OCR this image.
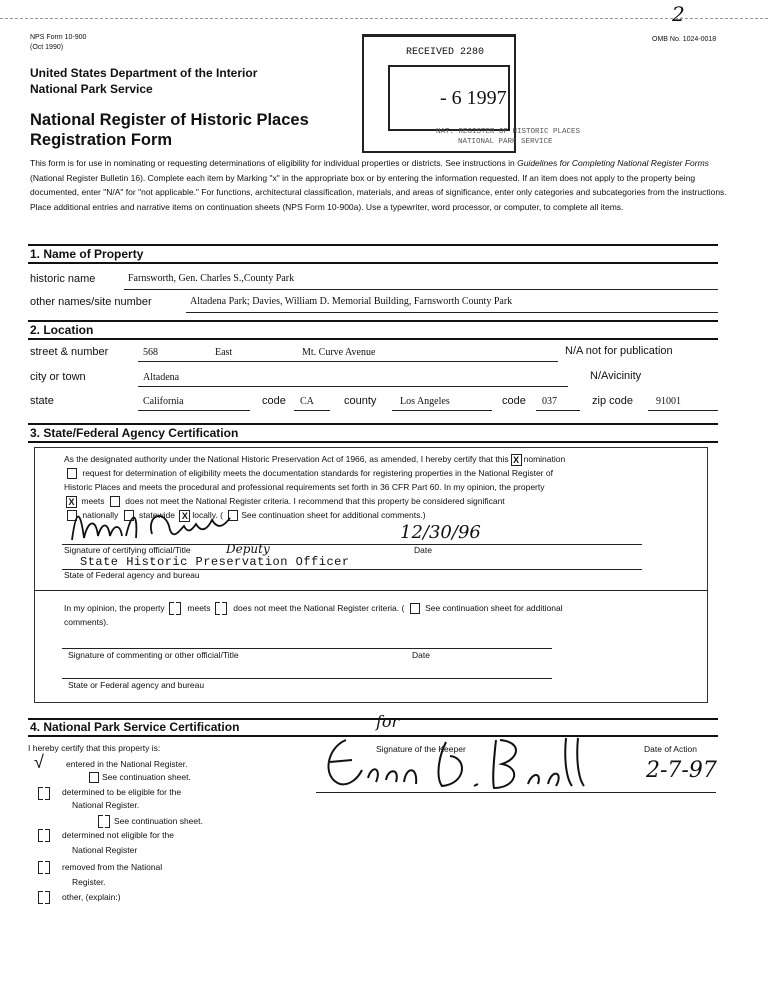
2
NPS Form 10-900
(Oct 1990)
OMB No. 1024-0018
United States Department of the Interior
National Park Service
National Register of Historic Places
Registration Form
RECEIVED 2280
- 6 1997
NAT. REGISTER OF HISTORIC PLACES
NATIONAL PARK SERVICE
This form is for use in nominating or requesting determinations of eligibility for individual properties or districts. See instructions in Guidelines for Completing National Register Forms (National Register Bulletin 16). Complete each item by Marking "x" in the appropriate box or by entering the information requested. If an item does not apply to the property being documented, enter "N/A" for "not applicable." For functions, architectural classification, materials, and areas of significance, enter only categories and subcategories from the instructions. Place additional entries and narrative items on continuation sheets (NPS Form 10-900a). Use a typewriter, word processor, or computer, to complete all items.
1. Name of Property
historic name	Farnsworth, Gen. Charles S.,County Park
other names/site number	Altadena Park; Davies, William D. Memorial Building, Farnsworth County Park
2. Location
street & number	568	East	Mt. Curve Avenue	N/A not for publication
city or town	Altadena	N/Avicinity
state	California	code CA	county Los Angeles	code 037	zip code 91001
3. State/Federal Agency Certification
As the designated authority under the National Historic Preservation Act of 1966, as amended, I hereby certify that this X nomination
request for determination of eligibility meets the documentation standards for registering properties in the National Register of
Historic Places and meets the procedural and professional requirements set forth in 36 CFR Part 60. In my opinion, the property
X meets does not meet the National Register criteria. I recommend that this property be considered significant
nationally statewide X locally. ( See continuation sheet for additional comments.)
Deputy
12/30/96
Signature of certifying official/Title	Date
State Historic Preservation Officer
State of Federal agency and bureau
In my opinion, the property	meets	does not meet the National Register criteria. (  See continuation sheet for additional
comments).
Signature of commenting or other official/Title	Date
State or Federal agency and bureau
4. National Park Service Certification
I hereby certify that this property is:	Signature of the Keeper	Date of Action
for
2-7-97
√	entered in the National Register.
See continuation sheet.
determined to be eligible for the
National Register.
See continuation sheet.
determined not eligible for the
National Register
removed from the National
Register.
other, (explain:)
